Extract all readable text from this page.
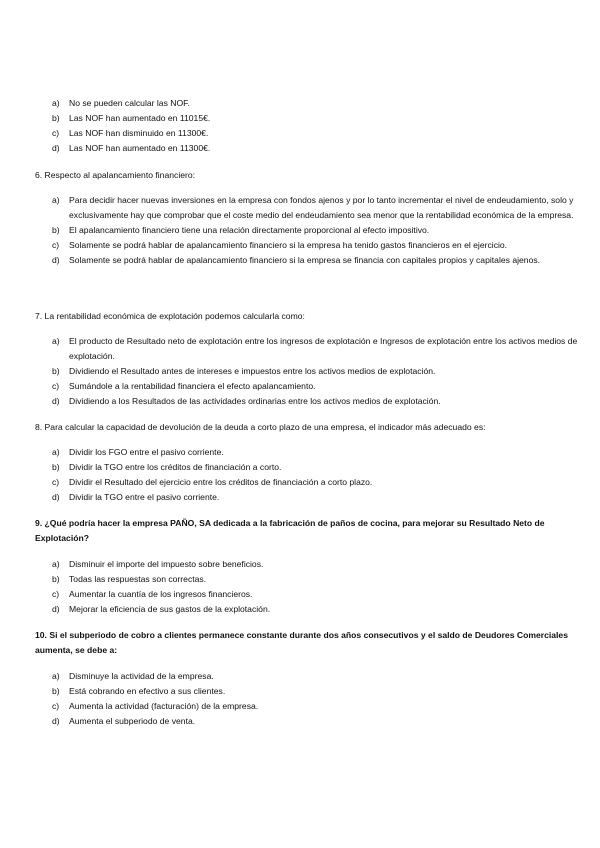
a) No se pueden calcular las NOF.
b) Las NOF han aumentado en 11015€.
c) Las NOF han disminuido en 11300€.
d) Las NOF han aumentado en 11300€.
6. Respecto al apalancamiento financiero:
a) Para decidir hacer nuevas inversiones en la empresa con fondos ajenos y por lo tanto incrementar el nivel de endeudamiento, solo y exclusivamente hay que comprobar que el coste medio del endeudamiento sea menor que la rentabilidad económica de la empresa.
b) El apalancamiento financiero tiene una relación directamente proporcional al efecto impositivo.
c) Solamente se podrá hablar de apalancamiento financiero si la empresa ha tenido gastos financieros en el ejercicio.
d) Solamente se podrá hablar de apalancamiento financiero si la empresa se financia con capitales propios y capitales ajenos.
7. La rentabilidad económica de explotación podemos calcularla como:
a) El producto de Resultado neto de explotación entre los ingresos de explotación e Ingresos de explotación entre los activos medios de explotación.
b) Dividiendo el Resultado antes de intereses e impuestos entre los activos medios de explotación.
c) Sumándole a la rentabilidad financiera el efecto apalancamiento.
d) Dividiendo a los Resultados de las actividades ordinarias entre los activos medios de explotación.
8. Para calcular la capacidad de devolución de la deuda a corto plazo de una empresa, el indicador más adecuado es:
a) Dividir los FGO entre el pasivo corriente.
b) Dividir la TGO entre los créditos de financiación a corto.
c) Dividir el Resultado del ejercicio entre los créditos de financiación a corto plazo.
d) Dividir la TGO entre el pasivo corriente.
9. ¿Qué podría hacer la empresa PAÑO, SA dedicada a la fabricación de paños de cocina, para mejorar su Resultado Neto de Explotación?
a) Disminuir el importe del impuesto sobre beneficios.
b) Todas las respuestas son correctas.
c) Aumentar la cuantía de los ingresos financieros.
d) Mejorar la eficiencia de sus gastos de la explotación.
10. Si el subperiodo de cobro a clientes permanece constante durante dos años consecutivos y el saldo de Deudores Comerciales aumenta, se debe a:
a) Disminuye la actividad de la empresa.
b) Está cobrando en efectivo a sus clientes.
c) Aumenta la actividad (facturación) de la empresa.
d) Aumenta el subperiodo de venta.
